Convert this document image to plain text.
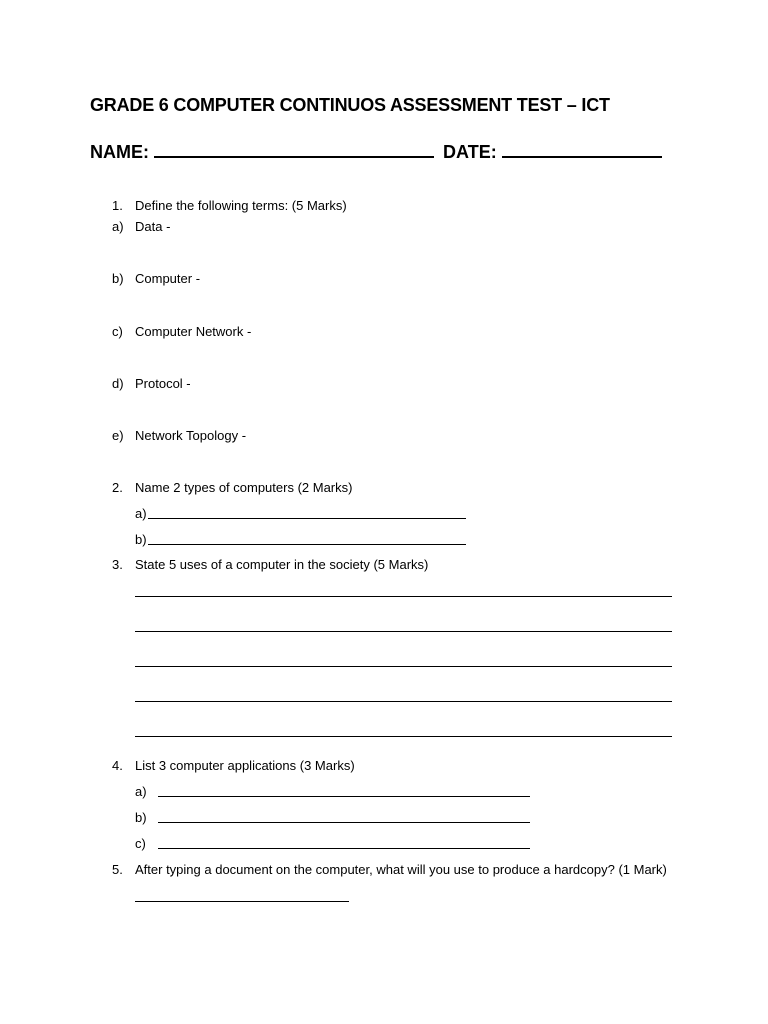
GRADE 6 COMPUTER CONTINUOS ASSESSMENT TEST – ICT
NAME:	DATE:
1. Define the following terms: (5 Marks)
a) Data -
b) Computer -
c) Computer Network -
d) Protocol -
e) Network Topology -
2. Name 2 types of computers (2 Marks)
a)
b)
3. State 5 uses of a computer in the society (5 Marks)
4. List 3 computer applications (3 Marks)
a)
b)
c)
5. After typing a document on the computer, what will you use to produce a hardcopy? (1 Mark)
